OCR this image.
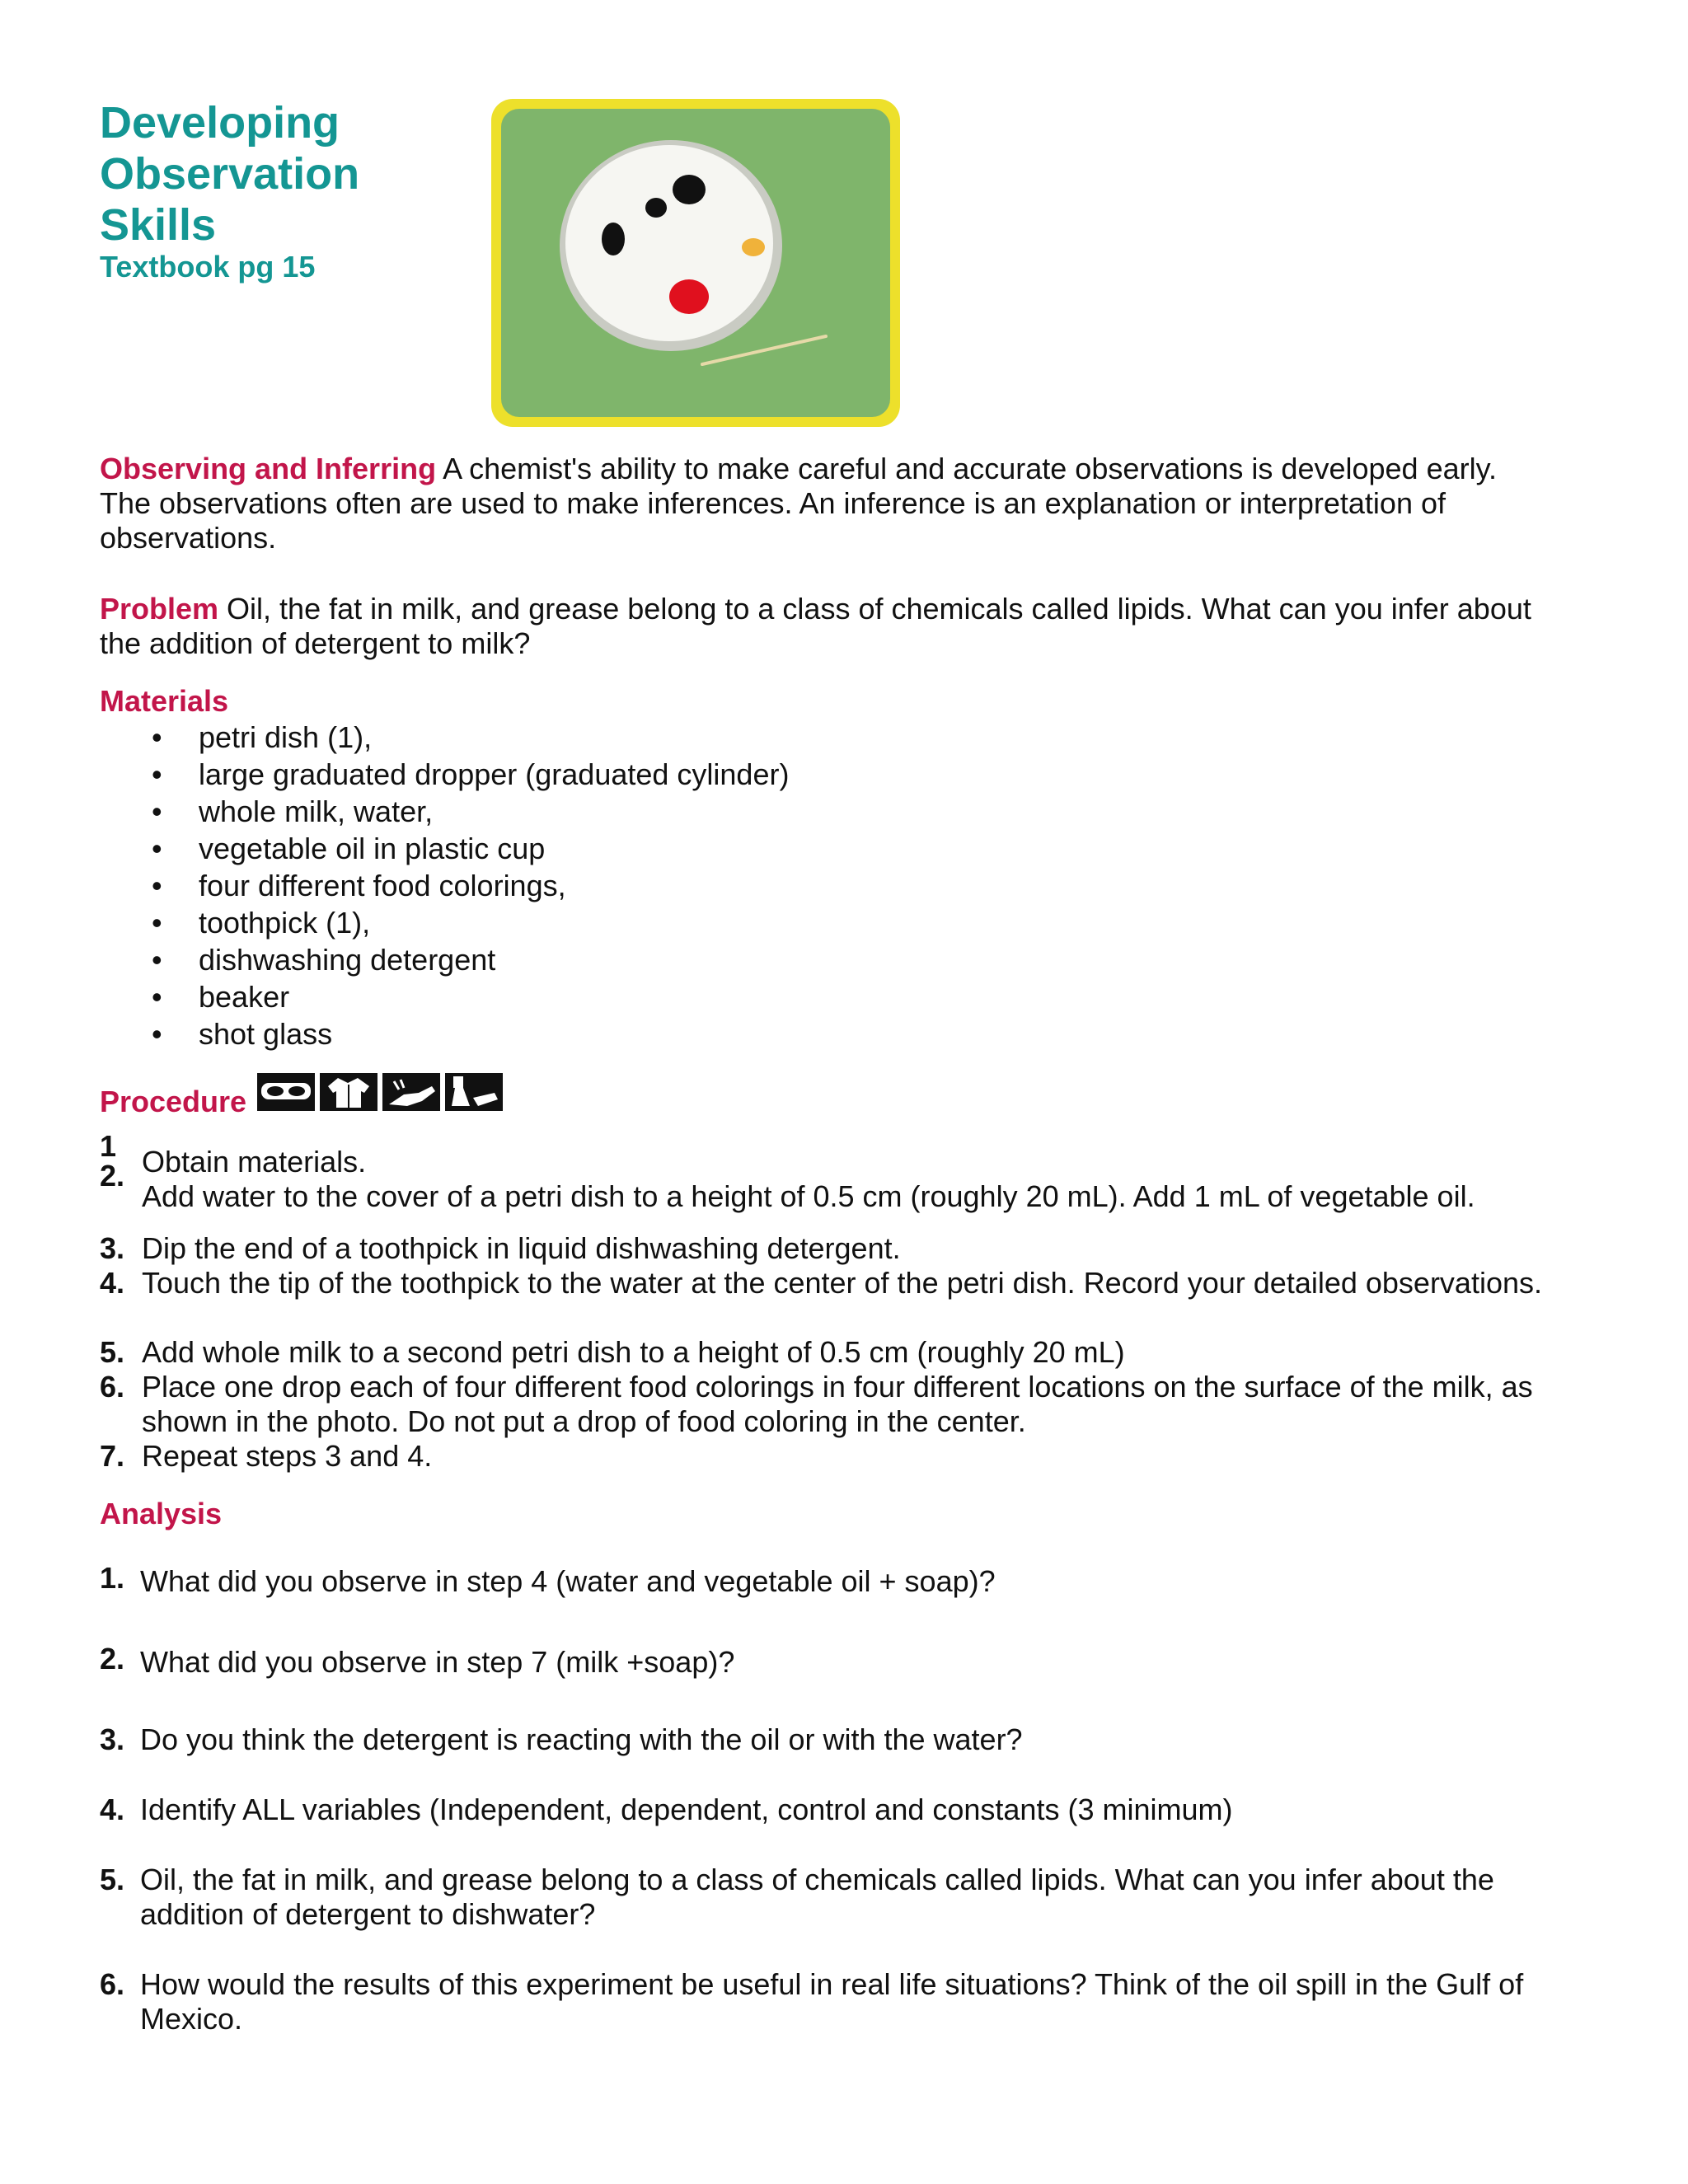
Developing
Observation
Skills
Textbook pg 15
Observing and Inferring A chemist's ability to make careful and accurate observations is developed early. The observations often are used to make inferences. An inference is an explanation or interpretation of observations.
Problem Oil, the fat in milk, and grease belong to a class of chemicals called lipids. What can you infer about the addition of detergent to milk?
Materials
• petri dish (1),
• large graduated dropper (graduated cylinder)
• whole milk, water,
• vegetable oil in plastic cup
• four different food colorings,
• toothpick (1),
• dishwashing detergent
• beaker
• shot glass
Procedure
1 Obtain materials.
2.
Add water to the cover of a petri dish to a height of 0.5 cm (roughly 20 mL). Add 1 mL of vegetable oil.
3. Dip the end of a toothpick in liquid dishwashing detergent.
4. Touch the tip of the toothpick to the water at the center of the petri dish. Record your detailed observations.
5. Add whole milk to a second petri dish to a height of 0.5 cm (roughly 20 mL)
6. Place one drop each of four different food colorings in four different locations on the surface of the milk, as shown in the photo. Do not put a drop of food coloring in the center.
7. Repeat steps 3 and 4.
Analysis
1. What did you observe in step 4 (water and vegetable oil + soap)?
2. What did you observe in step 7 (milk +soap)?
3. Do you think the detergent is reacting with the oil or with the water?
4. Identify ALL variables (Independent, dependent, control and constants (3 minimum)
5. Oil, the fat in milk, and grease belong to a class of chemicals called lipids. What can you infer about the addition of detergent to dishwater?
6. How would the results of this experiment be useful in real life situations? Think of the oil spill in the Gulf of Mexico.
